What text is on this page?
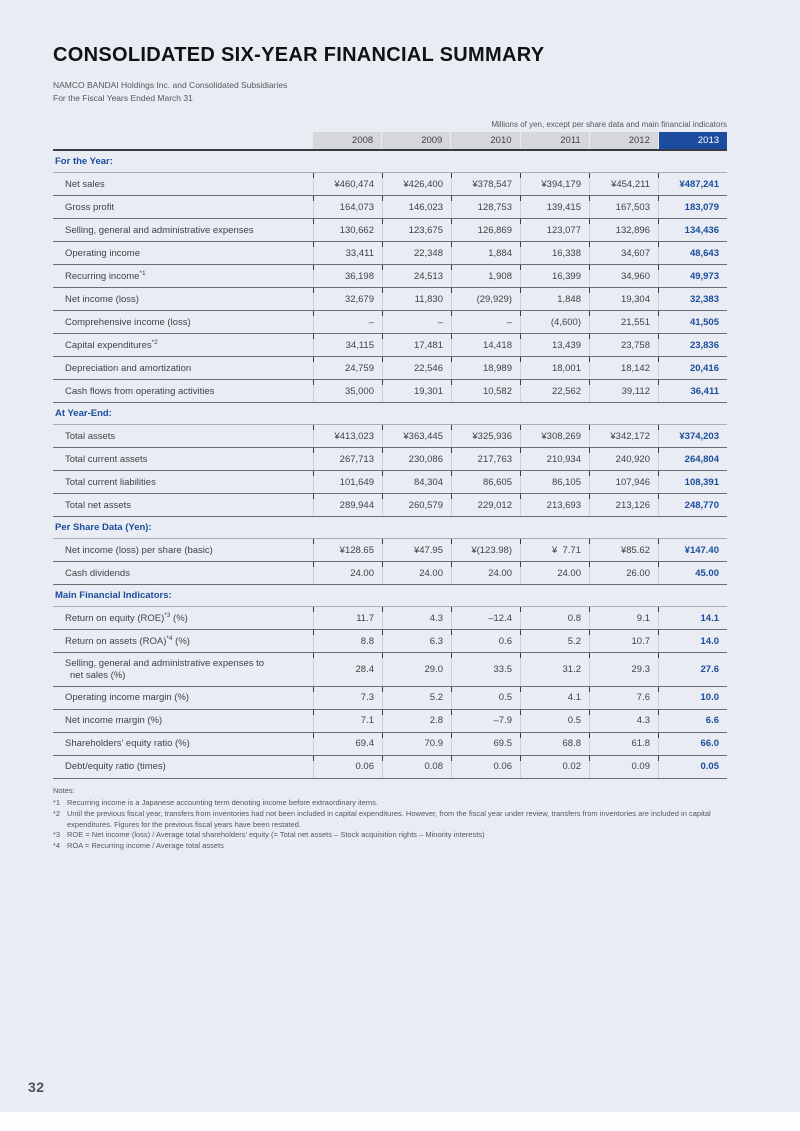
CONSOLIDATED SIX-YEAR FINANCIAL SUMMARY
NAMCO BANDAI Holdings Inc. and Consolidated Subsidiaries
For the Fiscal Years Ended March 31
Millions of yen, except per share data and main financial indicators
2008	2009	2010	2011	2012	2013
For the Year:
Net sales	¥460,474	¥426,400	¥378,547	¥394,179	¥454,211	¥487,241
Gross profit	164,073	146,023	128,753	139,415	167,503	183,079
Selling, general and administrative expenses	130,662	123,675	126,869	123,077	132,896	134,436
Operating income	33,411	22,348	1,884	16,338	34,607	48,643
Recurring income$^{*1}$	36,198	24,513	1,908	16,399	34,960	49,973
Net income (loss)	32,679	11,830	(29,929)	1,848	19,304	32,383
Comprehensive income (loss)	–	–	–	(4,600)	21,551	41,505
Capital expenditures$^{*2}$	34,115	17,481	14,418	13,439	23,758	23,836
Depreciation and amortization	24,759	22,546	18,989	18,001	18,142	20,416
Cash flows from operating activities	35,000	19,301	10,582	22,562	39,112	36,411
At Year-End:
Total assets	¥413,023	¥363,445	¥325,936	¥308,269	¥342,172	¥374,203
Total current assets	267,713	230,086	217,763	210,934	240,920	264,804
Total current liabilities	101,649	84,304	86,605	86,105	107,946	108,391
Total net assets	289,944	260,579	229,012	213,693	213,126	248,770
Per Share Data (Yen):
Net income (loss) per share (basic)	¥128.65	¥47.95	¥(123.98)	¥  7.71	¥85.62	¥147.40
Cash dividends	24.00	24.00	24.00	24.00	26.00	45.00
Main Financial Indicators:
Return on equity (ROE)$^{*3}$ (%)	11.7	4.3	–12.4	0.8	9.1	14.1
Return on assets (ROA)$^{*4}$ (%)	8.8	6.3	0.6	5.2	10.7	14.0
Selling, general and administrative expenses to
net sales (%)
28.4	29.0	33.5	31.2	29.3	27.6
Operating income margin (%)	7.3	5.2	0.5	4.1	7.6	10.0
Net income margin (%)	7.1	2.8	–7.9	0.5	4.3	6.6
Shareholders’ equity ratio (%)	69.4	70.9	69.5	68.8	61.8	66.0
Debt/equity ratio (times)	0.06	0.08	0.06	0.02	0.09	0.05
Notes:
*1 Recurring income is a Japanese accounting term denoting income before extraordinary items.
*2 Until the previous fiscal year, transfers from inventories had not been included in capital expenditures. However, from the fiscal year under review, transfers from inventories are included in capital expenditures. Figures for the previous fiscal years have been restated.
*3 ROE = Net income (loss) / Average total shareholders’ equity (= Total net assets – Stock acquisition rights – Minority interests)
*4 ROA = Recurring income / Average total assets
32
